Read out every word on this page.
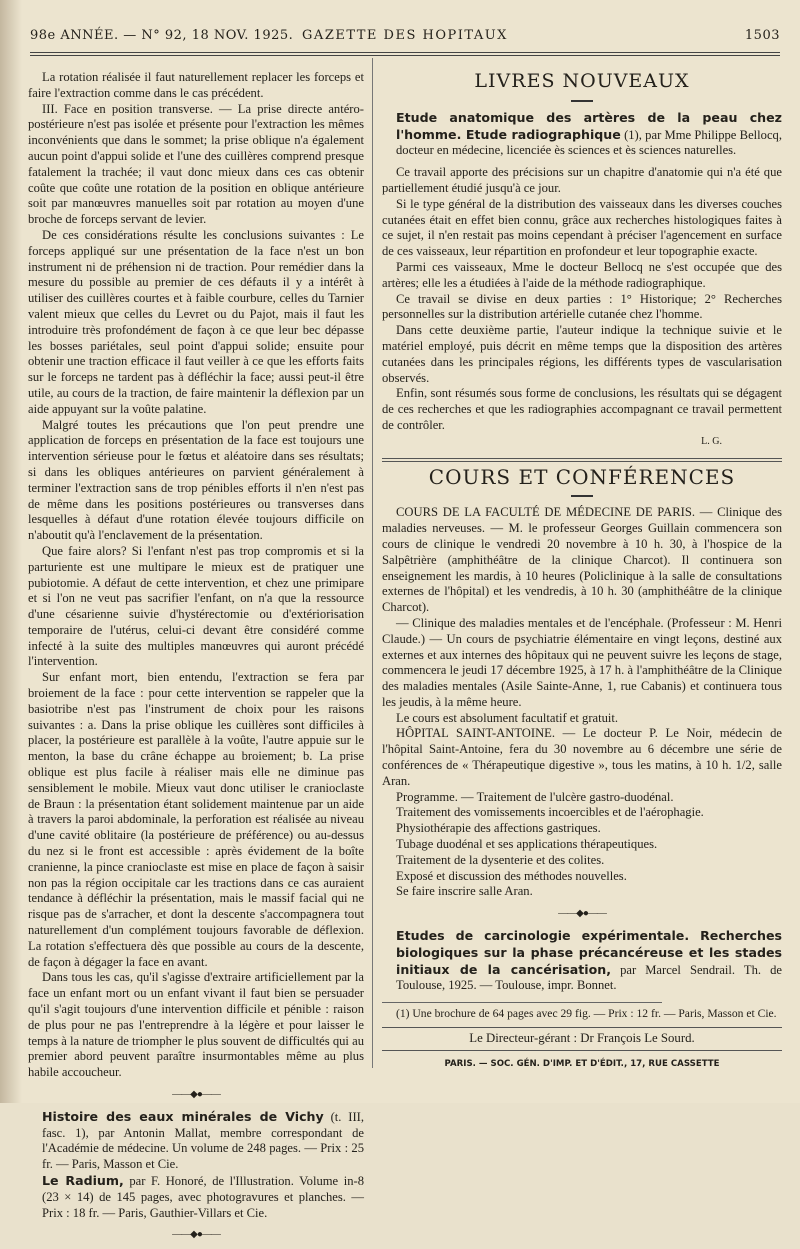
98e ANNÉE. — N° 92, 18 NOV. 1925. GAZETTE DES HOPITAUX	1503

La rotation réalisée il faut naturellement replacer les forceps et faire l'extraction comme dans le cas précédent.

III. Face en position transverse. — La prise directe antéro-postérieure n'est pas isolée et présente pour l'extraction les mêmes inconvénients que dans le sommet; la prise oblique n'a également aucun point d'appui solide et l'une des cuillères comprend presque fatalement la trachée; il vaut donc mieux dans ces cas obtenir coûte que coûte une rotation de la position en oblique antérieure soit par manœuvres manuelles soit par rotation au moyen d'une broche de forceps servant de levier.

De ces considérations résulte les conclusions suivantes : Le forceps appliqué sur une présentation de la face n'est un bon instrument ni de préhension ni de traction. Pour remédier dans la mesure du possible au premier de ces défauts il y a intérêt à utiliser des cuillères courtes et à faible courbure, celles du Tarnier valent mieux que celles du Levret ou du Pajot, mais il faut les introduire très profondément de façon à ce que leur bec dépasse les bosses pariétales, seul point d'appui solide; ensuite pour obtenir une traction efficace il faut veiller à ce que les efforts faits sur le forceps ne tardent pas à défléchir la face; aussi peut-il être utile, au cours de la traction, de faire maintenir la déflexion par un aide appuyant sur la voûte palatine.

Malgré toutes les précautions que l'on peut prendre une application de forceps en présentation de la face est toujours une intervention sérieuse pour le fœtus et aléatoire dans ses résultats; si dans les obliques antérieures on parvient généralement à terminer l'extraction sans de trop pénibles efforts il n'en n'est pas de même dans les positions postérieures ou transverses dans lesquelles à défaut d'une rotation élevée toujours difficile on n'aboutit qu'à l'enclavement de la présentation.

Que faire alors? Si l'enfant n'est pas trop compromis et si la parturiente est une multipare le mieux est de pratiquer une pubiotomie. A défaut de cette intervention, et chez une primipare et si l'on ne veut pas sacrifier l'enfant, on n'a que la ressource d'une césarienne suivie d'hystérectomie ou d'extériorisation temporaire de l'utérus, celui-ci devant être considéré comme infecté à la suite des multiples manœuvres qui auront précédé l'intervention.

Sur enfant mort, bien entendu, l'extraction se fera par broiement de la face : pour cette intervention se rappeler que la basiotribe n'est pas l'instrument de choix pour les raisons suivantes : a. Dans la prise oblique les cuillères sont difficiles à placer, la postérieure est parallèle à la voûte, l'autre appuie sur le menton, la base du crâne échappe au broiement; b. La prise oblique est plus facile à réaliser mais elle ne diminue pas sensiblement le mobile. Mieux vaut donc utiliser le cranioclaste de Braun : la présentation étant solidement maintenue par un aide à travers la paroi abdominale, la perforation est réalisée au niveau d'une cavité oblitaire (la postérieure de préférence) ou au-dessus du nez si le front est accessible : après évidement de la boîte cranienne, la pince cranioclaste est mise en place de façon à saisir non pas la région occipitale car les tractions dans ce cas auraient tendance à défléchir la présentation, mais le massif facial qui ne risque pas de s'arracher, et dont la descente s'accompagnera tout naturellement d'un complément toujours favorable de déflexion. La rotation s'effectuera dès que possible au cours de la descente, de façon à dégager la face en avant.

Dans tous les cas, qu'il s'agisse d'extraire artificiellement par la face un enfant mort ou un enfant vivant il faut bien se persuader qu'il s'agit toujours d'une intervention difficile et pénible : raison de plus pour ne pas l'entreprendre à la légère et pour laisser le temps à la nature de triompher le plus souvent de difficultés qui au premier abord peuvent paraître insurmontables même au plus habile accoucheur.

——◆●——

Histoire des eaux minérales de Vichy (t. III, fasc. 1), par Antonin Mallat, membre correspondant de l'Académie de médecine. Un volume de 248 pages. — Prix : 25 fr. — Paris, Masson et Cie.

Le Radium, par F. Honoré, de l'Illustration. Volume in-8 (23 × 14) de 145 pages, avec photogravures et planches. — Prix : 18 fr. — Paris, Gauthier-Villars et Cie.

——◆●——
LIVRES NOUVEAUX

Etude anatomique des artères de la peau chez l'homme. Etude radiographique (1), par Mme Philippe Bellocq, docteur en médecine, licenciée ès sciences et ès sciences naturelles.

Ce travail apporte des précisions sur un chapitre d'anatomie qui n'a été que partiellement étudié jusqu'à ce jour.

Si le type général de la distribution des vaisseaux dans les diverses couches cutanées était en effet bien connu, grâce aux recherches histologiques faites à ce sujet, il n'en restait pas moins cependant à préciser l'agencement en surface de ces vaisseaux, leur répartition en profondeur et leur topographie exacte.

Parmi ces vaisseaux, Mme le docteur Bellocq ne s'est occupée que des artères; elle les a étudiées à l'aide de la méthode radiographique.

Ce travail se divise en deux parties : 1° Historique; 2° Recherches personnelles sur la distribution artérielle cutanée chez l'homme.

Dans cette deuxième partie, l'auteur indique la technique suivie et le matériel employé, puis décrit en même temps que la disposition des artères cutanées dans les principales régions, les différents types de vascularisation observés.

Enfin, sont résumés sous forme de conclusions, les résultats qui se dégagent de ces recherches et que les radiographies accompagnant ce travail permettent de contrôler.

L. G.
COURS ET CONFÉRENCES

COURS DE LA FACULTÉ DE MÉDECINE DE PARIS. — Clinique des maladies nerveuses. — M. le professeur Georges Guillain commencera son cours de clinique le vendredi 20 novembre à 10 h. 30, à l'hospice de la Salpêtrière (amphithéâtre de la clinique Charcot). Il continuera son enseignement les mardis, à 10 heures (Policlinique à la salle de consultations externes de l'hôpital) et les vendredis, à 10 h. 30 (amphithéâtre de la clinique Charcot).

— Clinique des maladies mentales et de l'encéphale. (Professeur : M. Henri Claude.) — Un cours de psychiatrie élémentaire en vingt leçons, destiné aux externes et aux internes des hôpitaux qui ne peuvent suivre les leçons de stage, commencera le jeudi 17 décembre 1925, à 17 h. à l'amphithéâtre de la Clinique des maladies mentales (Asile Sainte-Anne, 1, rue Cabanis) et continuera tous les jeudis, à la même heure.

Le cours est absolument facultatif et gratuit.

HÔPITAL SAINT-ANTOINE. — Le docteur P. Le Noir, médecin de l'hôpital Saint-Antoine, fera du 30 novembre au 6 décembre une série de conférences de « Thérapeutique digestive », tous les matins, à 10 h. 1/2, salle Aran.

Programme. — Traitement de l'ulcère gastro-duodénal.

Traitement des vomissements incoercibles et de l'aérophagie.

Physiothérapie des affections gastriques.

Tubage duodénal et ses applications thérapeutiques.

Traitement de la dysenterie et des colites.

Exposé et discussion des méthodes nouvelles.

Se faire inscrire salle Aran.

——◆●——

Etudes de carcinologie expérimentale. Recherches biologiques sur la phase précancéreuse et les stades initiaux de la cancérisation, par Marcel Sendrail. Th. de Toulouse, 1925. — Toulouse, impr. Bonnet.

(1) Une brochure de 64 pages avec 29 fig. — Prix : 12 fr. — Paris, Masson et Cie.

Le Directeur-gérant : Dr François Le Sourd.
PARIS. — SOC. GÉN. D'IMP. ET D'ÉDIT., 17, RUE CASSETTE
